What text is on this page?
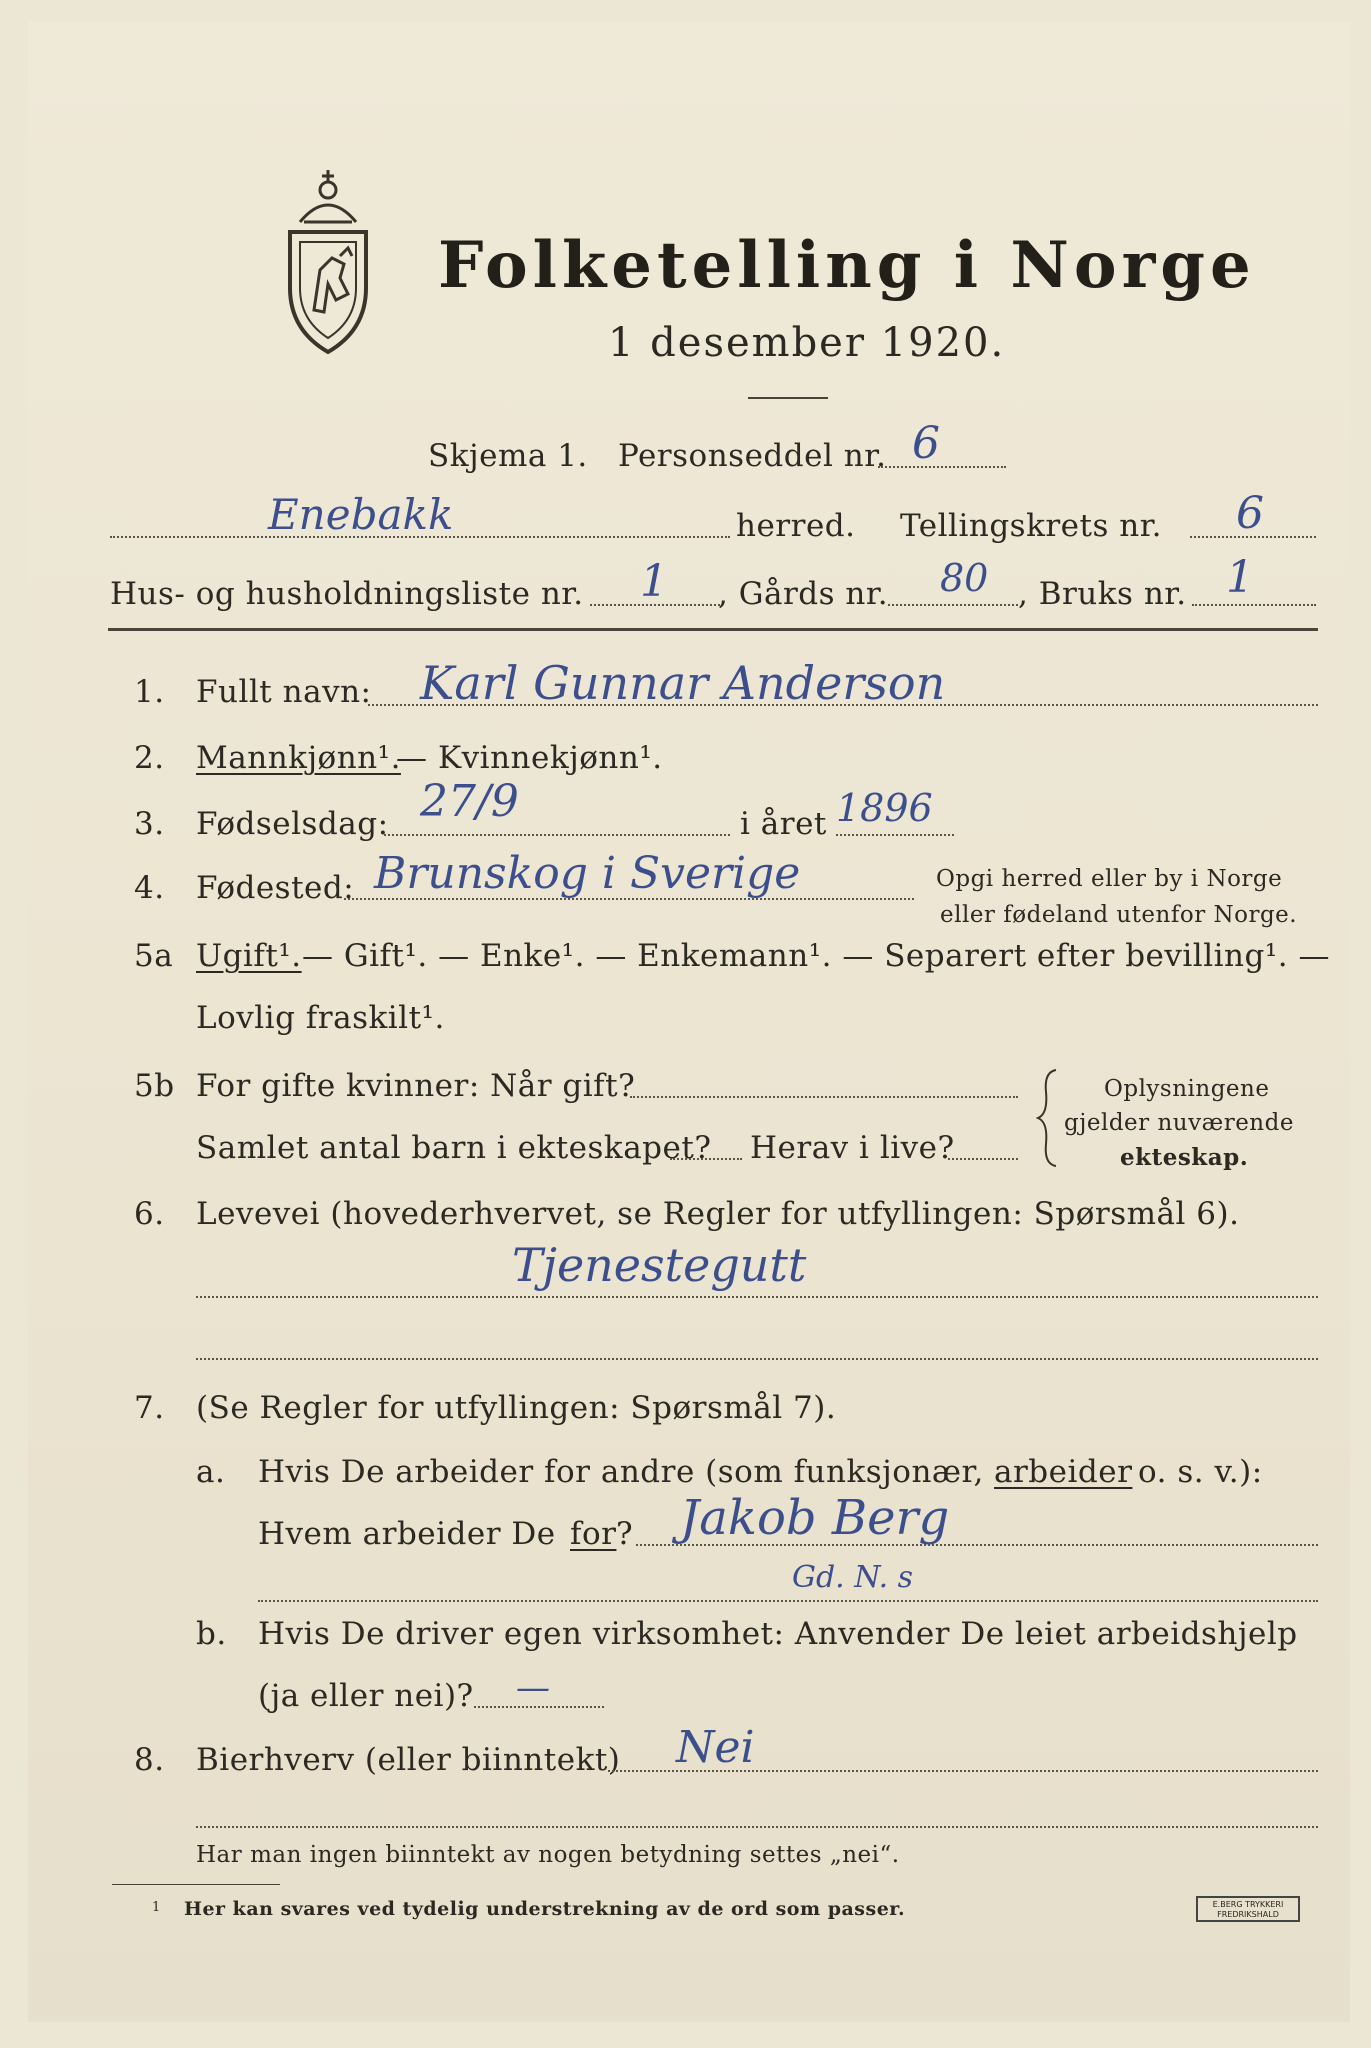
Folketelling i Norge
1 desember 1920.
Skjema 1. Personseddel nr. 6
Enebakk	herred. Tellingskrets nr. 6
Hus- og husholdningsliste nr. 1 , Gårds nr. 80 , Bruks nr. 1
1. Fullt navn: Karl Gunnar Anderson
2. Mannkjønn¹.
— Kvinnekjønn¹.
3. Fødselsdag: 27/9	i året 1896
4. Fødested: Brunskog i Sverige	Opgi herred eller by i Norge
eller fødeland utenfor Norge.
5a Ugift¹. — Gift¹. — Enke¹. — Enkemann¹. — Separert efter bevilling¹. —
Lovlig fraskilt¹.
5b For gifte kvinner: Når gift?
Samlet antal barn i ekteskapet? Herav i live?
Oplysningene
gjelder nuværende
ekteskap.
6. Levevei (hovederhvervet, se Regler for utfyllingen: Spørsmål 6).
Tjenestegutt
7. (Se Regler for utfyllingen: Spørsmål 7).
a. Hvis De arbeider for andre (som funksjonær, arbeider o. s. v.):
Hvem arbeider De for ? Jakob Berg
Gd. N. s
b. Hvis De driver egen virksomhet: Anvender De leiet arbeidshjelp
(ja eller nei)? —
8. Bierhverv (eller biinntekt) Nei
Har man ingen biinntekt av nogen betydning settes „nei“.
1 Her kan svares ved tydelig understrekning av de ord som passer.	E.BERG TRYKKERI
FREDRIKSHALD
